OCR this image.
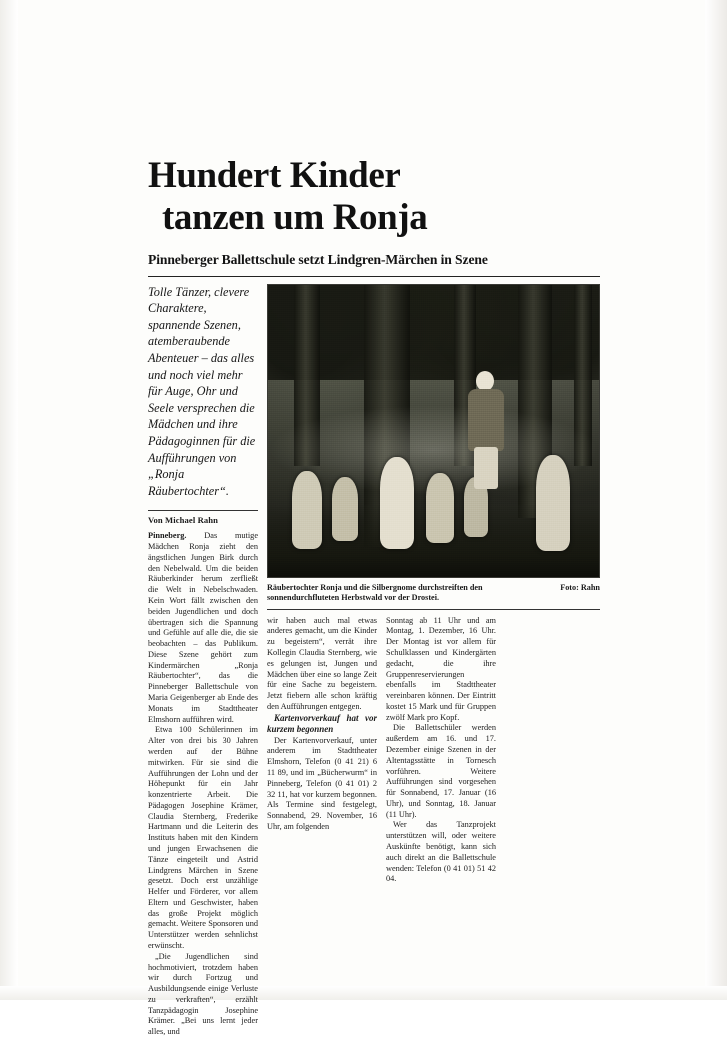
Hundert Kinder
tanzen um Ronja
Pinneberger Ballettschule setzt Lindgren-Märchen in Szene

Tolle Tänzer, clevere Charaktere, spannende Szenen, atemberaubende Abenteuer – das alles und noch viel mehr für Auge, Ohr und Seele versprechen die Mädchen und ihre Pädagoginnen für die Aufführungen von „Ronja Räubertochter“.

Von Michael Rahn

Pinneberg. Das mutige Mädchen Ronja zieht den ängstlichen Jungen Birk durch den Nebelwald. Um die beiden Räuberkinder herum zerfließt die Welt in Nebelschwaden. Kein Wort fällt zwischen den beiden Jugendlichen und doch übertragen sich die Spannung und Gefühle auf alle die, die sie beobachten – das Publikum. Diese Szene gehört zum Kindermärchen „Ronja Räubertochter“, das die Pinneberger Ballettschule von Maria Geigenberger ab Ende des Monats im Stadttheater Elmshorn aufführen wird.

Etwa 100 Schülerinnen im Alter von drei bis 30 Jahren werden auf der Bühne mitwirken. Für sie sind die Aufführungen der Lohn und der Höhepunkt für ein Jahr konzentrierte Arbeit. Die Pädagogen Josephine Krämer, Claudia Sternberg, Frederike Hartmann und die Leiterin des Instituts haben mit den Kindern und jungen Erwachsenen die Tänze eingeteilt und Astrid Lindgrens Märchen in Szene gesetzt. Doch erst unzählige Helfer und Förderer, vor allem Eltern und Geschwister, haben das große Projekt möglich gemacht. Weitere Sponsoren und Unterstützer werden sehnlichst erwünscht.

„Die Jugendlichen sind hochmotiviert, trotzdem haben wir durch Fortzug und Ausbildungsende einige Verluste zu verkraften“, erzählt Tanzpädagogin Josephine Krämer. „Bei uns lernt jeder alles, und

Räubertochter Ronja und die Silbergnome durchstreiften den sonnendurchfluteten Herbstwald vor der Drostei.
Foto: Rahn

wir haben auch mal etwas anderes gemacht, um die Kinder zu begeistern“, verrät ihre Kollegin Claudia Sternberg, wie es gelungen ist, Jungen und Mädchen über eine so lange Zeit für eine Sache zu begeistern. Jetzt fiebern alle schon kräftig den Aufführungen entgegen.

Kartenvorverkauf hat vor kurzem begonnen

Der Kartenvorverkauf, unter anderem im Stadttheater Elmshorn, Telefon (0 41 21) 6 11 89, und im „Bücherwurm“ in Pinneberg, Telefon (0 41 01) 2 32 11, hat vor kurzem begonnen. Als Termine sind festgelegt, Sonnabend, 29. November, 16 Uhr, am folgenden

Sonntag ab 11 Uhr und am Montag, 1. Dezember, 16 Uhr. Der Montag ist vor allem für Schulklassen und Kindergärten gedacht, die ihre Gruppenreservierungen ebenfalls im Stadttheater vereinbaren können. Der Eintritt kostet 15 Mark und für Gruppen zwölf Mark pro Kopf.

Die Ballettschüler werden außerdem am 16. und 17. Dezember einige Szenen in der Altentagsstätte in Tornesch vorführen. Weitere Aufführungen sind vorgesehen für Sonnabend, 17. Januar (16 Uhr), und Sonntag, 18. Januar (11 Uhr).

Wer das Tanzprojekt unterstützen will, oder weitere Auskünfte benötigt, kann sich auch direkt an die Ballettschule wenden: Telefon (0 41 01) 51 42 04.
